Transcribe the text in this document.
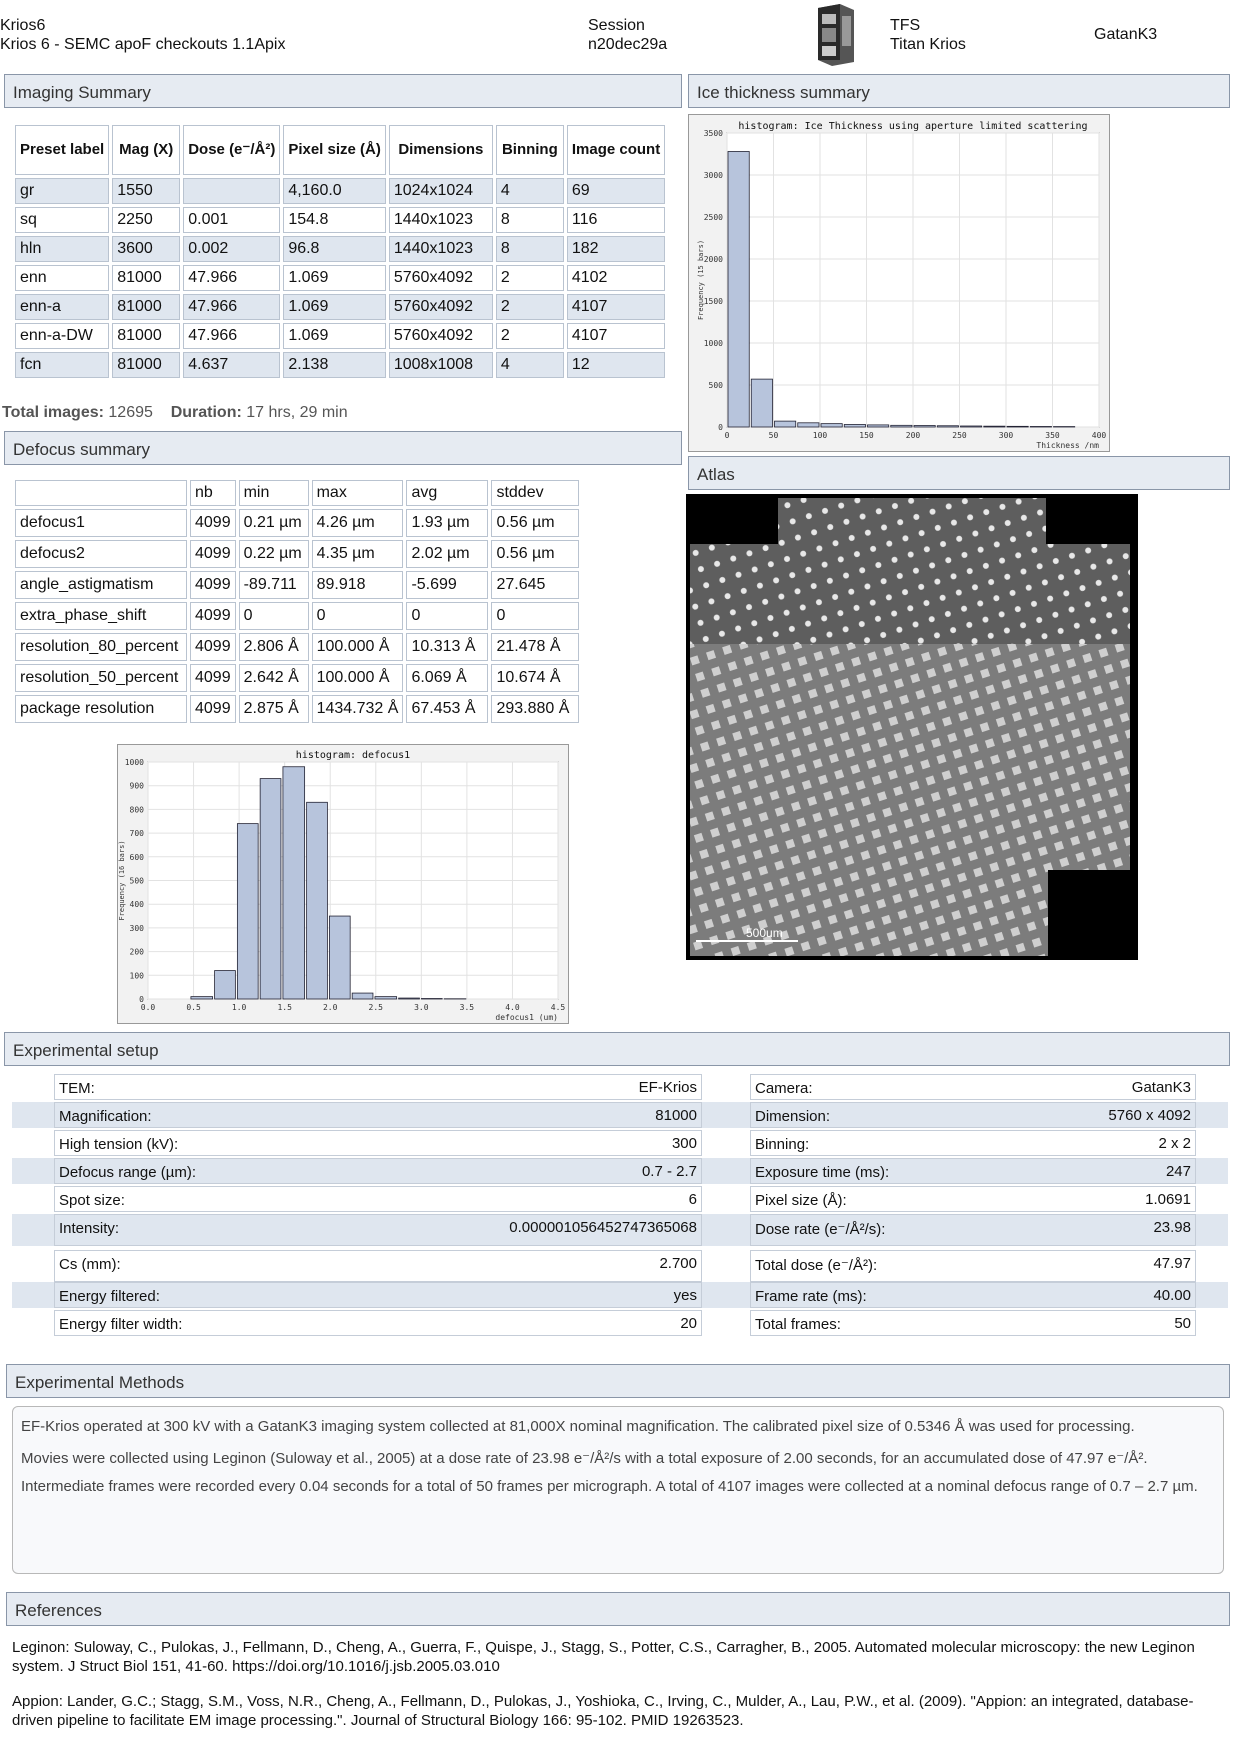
Krios6
Krios 6 - SEMC apoF checkouts 1.1Apix
Session
n20dec29a
TFS
Titan Krios
GatanK3
Imaging Summary
Preset label	Mag (X)	Dose (e⁻/Å²)	Pixel size (Å)	Dimensions	Binning	Image count
gr	1550		4,160.0	1024x1024	4	69
sq	2250	0.001	154.8	1440x1023	8	116
hln	3600	0.002	96.8	1440x1023	8	182
enn	81000	47.966	1.069	5760x4092	2	4102
enn-a	81000	47.966	1.069	5760x4092	2	4107
enn-a-DW	81000	47.966	1.069	5760x4092	2	4107
fcn	81000	4.637	2.138	1008x1008	4	12
Total images: 12695 Duration: 17 hrs, 29 min
Defocus summary
	nb	min	max	avg	stddev
defocus1	4099	0.21 µm	4.26 µm	1.93 µm	0.56 µm
defocus2	4099	0.22 µm	4.35 µm	2.02 µm	0.56 µm
angle_astigmatism	4099	-89.711	89.918	-5.699	27.645
extra_phase_shift	4099	0	0	0	0
resolution_80_percent	4099	2.806 Å	100.000 Å	10.313 Å	21.478 Å
resolution_50_percent	4099	2.642 Å	100.000 Å	6.069 Å	10.674 Å
package resolution	4099	2.875 Å	1434.732 Å	67.453 Å	293.880 Å
0
100
200
300
400
500
600
700
800
900
1000
0.0	0.5	1.0	1.5	2.0	2.5	3.0	3.5	4.0	4.5
histogram: defocus1
defocus1 (um)
Frequency (16 bars)
Ice thickness summary
0
500
1000
1500
2000
2500
3000
3500
0	50	100	150	200	250	300	350	400
histogram: Ice Thickness using aperture limited scattering
Thickness /nm
Frequency (15 bars)
Atlas
500um
Experimental setup
TEM:	EF-Krios
Magnification:	81000
High tension (kV):	300
Defocus range (µm):	0.7 - 2.7
Spot size:	6
Intensity:	0.000001056452747365068
Cs (mm):	2.700
Energy filtered:	yes
Energy filter width:	20
Camera:	GatanK3
Dimension:	5760 x 4092
Binning:	2 x 2
Exposure time (ms):	247
Pixel size (Å):	1.0691
Dose rate (e⁻/Å²/s):	23.98
Total dose (e⁻/Å²):	47.97
Frame rate (ms):	40.00
Total frames:	50
Experimental Methods

EF-Krios operated at 300 kV with a GatanK3 imaging system collected at 81,000X nominal magnification. The calibrated pixel size of 0.5346 Å was used for processing.

Movies were collected using Leginon (Suloway et al., 2005) at a dose rate of 23.98 e⁻/Å²/s with a total exposure of 2.00 seconds, for an accumulated dose of 47.97 e⁻/Å². Intermediate frames were recorded every 0.04 seconds for a total of 50 frames per micrograph. A total of 4107 images were collected at a nominal defocus range of 0.7 – 2.7 µm.

References

Leginon: Suloway, C., Pulokas, J., Fellmann, D., Cheng, A., Guerra, F., Quispe, J., Stagg, S., Potter, C.S., Carragher, B., 2005. Automated molecular microscopy: the new Leginon system. J Struct Biol 151, 41-60. https://doi.org/10.1016/j.jsb.2005.03.010

Appion: Lander, G.C.; Stagg, S.M., Voss, N.R., Cheng, A., Fellmann, D., Pulokas, J., Yoshioka, C., Irving, C., Mulder, A., Lau, P.W., et al. (2009). "Appion: an integrated, database-driven pipeline to facilitate EM image processing.". Journal of Structural Biology 166: 95-102. PMID 19263523.
